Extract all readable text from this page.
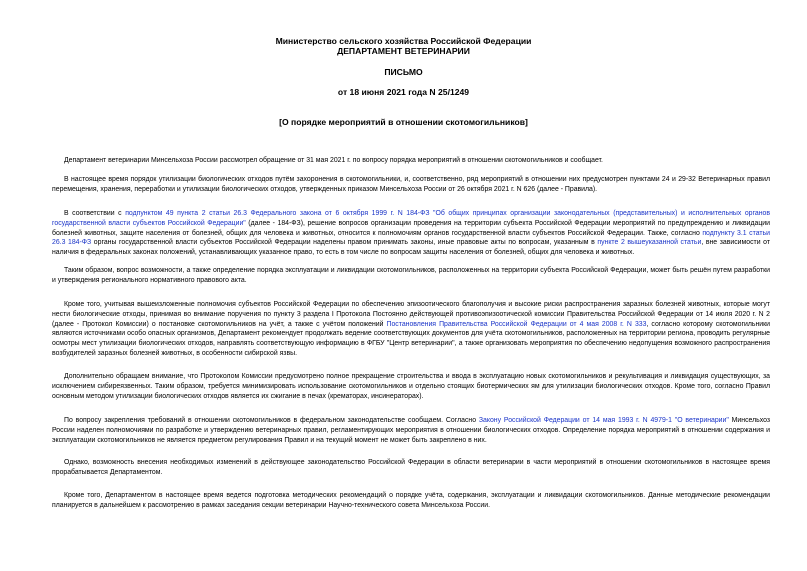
Министерство сельского хозяйства Российской Федерации
ДЕПАРТАМЕНТ ВЕТЕРИНАРИИ
ПИСЬМО
от 18 июня 2021 года N 25/1249
[О порядке мероприятий в отношении скотомогильников]

Департамент ветеринарии Минсельхоза России рассмотрел обращение от 31 мая 2021 г. по вопросу порядка мероприятий в отношении скотомогильников и сообщает.

В настоящее время порядок утилизации биологических отходов путём захоронения в скотомогильники, и, соответственно, ряд мероприятий в отношении них предусмотрен пунктами 24 и 29-32 Ветеринарных правил перемещения, хранения, переработки и утилизации биологических отходов, утвержденных приказом Минсельхоза России от 26 октября 2021 г. N 626 (далее - Правила).

В соответствии с подпунктом 49 пункта 2 статьи 26.3 Федерального закона от 6 октября 1999 г. N 184-ФЗ "Об общих принципах организации законодательных (представительных) и исполнительных органов государственной власти субъектов Российской Федерации" (далее - 184-ФЗ), решение вопросов организации проведения на территории субъекта Российской Федерации мероприятий по предупреждению и ликвидации болезней животных, защите населения от болезней, общих для человека и животных, относится к полномочиям органов государственной власти субъектов Российской Федерации. Также, согласно подпункту 3.1 статьи 26.3 184-ФЗ органы государственной власти субъектов Российской Федерации наделены правом принимать законы, иные правовые акты по вопросам, указанным в пункте 2 вышеуказанной статьи, вне зависимости от наличия в федеральных законах положений, устанавливающих указанное право, то есть в том числе по вопросам защиты населения от болезней, общих для человека и животных.

Таким образом, вопрос возможности, а также определение порядка эксплуатации и ликвидации скотомогильников, расположенных на территории субъекта Российской Федерации, может быть решён путем разработки и утверждения регионального нормативного правового акта.

Кроме того, учитывая вышеизложенные полномочия субъектов Российской Федерации по обеспечению эпизоотического благополучия и высокие риски распространения заразных болезней животных, которые могут нести биологические отходы, принимая во внимание поручения по пункту 3 раздела I Протокола Постоянно действующей противоэпизоотической комиссии Правительства Российской Федерации от 14 июля 2020 г. N 2 (далее - Протокол Комиссии) о постановке скотомогильников на учёт, а также с учётом положений Постановления Правительства Российской Федерации от 4 мая 2008 г. N 333, согласно которому скотомогильники являются источниками особо опасных организмов, Департамент рекомендует продолжать ведение соответствующих документов для учёта скотомогильников, расположенных на территории региона, проводить регулярные осмотры мест утилизации биологических отходов, направлять соответствующую информацию в ФГБУ "Центр ветеринарии", а также организовать мероприятия по обеспечению недопущения возможного распространения возбудителей заразных болезней животных, в особенности сибирской язвы.

Дополнительно обращаем внимание, что Протоколом Комиссии предусмотрено полное прекращение строительства и ввода в эксплуатацию новых скотомогильников и рекультивация и ликвидация существующих, за исключением сибиреязвенных. Таким образом, требуется минимизировать использование скотомогильников и отдельно стоящих биотермических ям для утилизации биологических отходов. Кроме того, согласно Правил основным методом утилизации биологических отходов является их сжигание в печах (крематорах, инсинераторах).

По вопросу закрепления требований в отношении скотомогильников в федеральном законодательстве сообщаем. Согласно Закону Российской Федерации от 14 мая 1993 г. N 4979-1 "О ветеринарии" Минсельхоз России наделен полномочиями по разработке и утверждению ветеринарных правил, регламентирующих мероприятия в отношении биологических отходов. Определение порядка мероприятий в отношении содержания и эксплуатации скотомогильников не является предметом регулирования Правил и на текущий момент не может быть закреплено в них.

Однако, возможность внесения необходимых изменений в действующее законодательство Российской Федерации в области ветеринарии в части мероприятий в отношении скотомогильников в настоящее время прорабатывается Департаментом.

Кроме того, Департаментом в настоящее время ведется подготовка методических рекомендаций о порядке учёта, содержания, эксплуатации и ликвидации скотомогильников. Данные методические рекомендации планируется в дальнейшем к рассмотрению в рамках заседания секции ветеринарии Научно-технического совета Минсельхоза России.
